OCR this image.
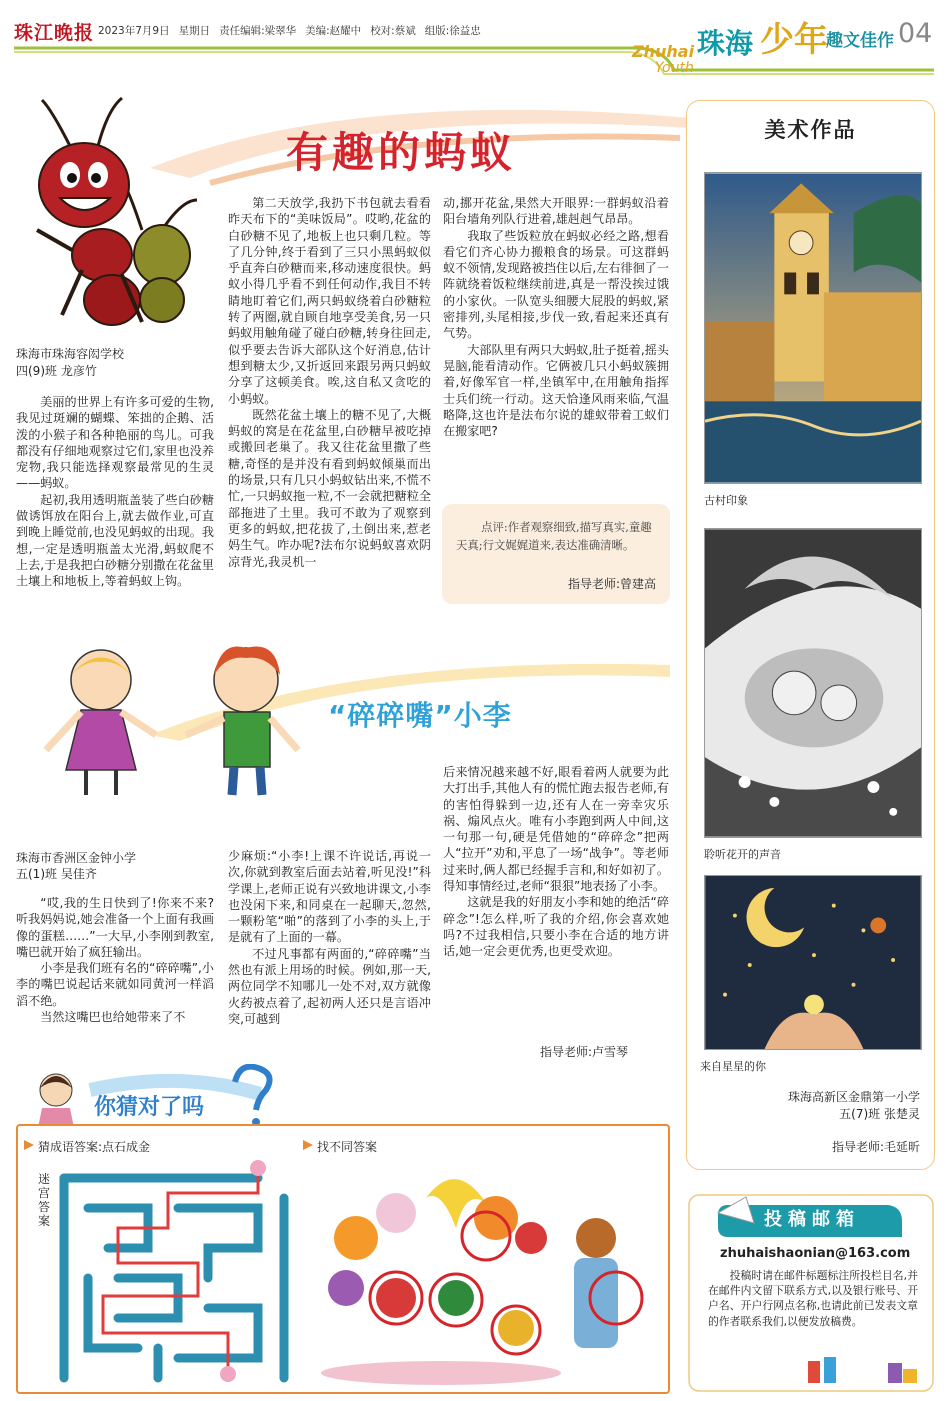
珠江晚报 2023年7月9日 星期日 责任编辑:梁翠华 美编:赵耀中 校对:蔡斌 组版:徐益忠
Zhuhai
Youth
珠海 少年
趣文佳作 04
有趣的蚂蚁
珠海市珠海容闳学校
四(9)班 龙彦竹

美丽的世界上有许多可爱的生物,我见过斑斓的蝴蝶、笨拙的企鹅、活泼的小猴子和各种艳丽的鸟儿。可我都没有仔细地观察过它们,家里也没养宠物,我只能选择观察最常见的生灵——蚂蚁。

起初,我用透明瓶盖装了些白砂糖做诱饵放在阳台上,就去做作业,可直到晚上睡觉前,也没见蚂蚁的出现。我想,一定是透明瓶盖太光滑,蚂蚁爬不上去,于是我把白砂糖分别撒在花盆里土壤上和地板上,等着蚂蚁上钩。

第二天放学,我扔下书包就去看看昨天布下的“美味饭局”。哎哟,花盆的白砂糖不见了,地板上也只剩几粒。等了几分钟,终于看到了三只小黑蚂蚁似乎直奔白砂糖而来,移动速度很快。蚂蚁小得几乎看不到任何动作,我目不转睛地盯着它们,两只蚂蚁绕着白砂糖粒转了两圈,就自顾自地享受美食,另一只蚂蚁用触角碰了碰白砂糖,转身往回走,似乎要去告诉大部队这个好消息,估计想到糖太少,又折返回来跟另两只蚂蚁分享了这顿美食。唉,这自私又贪吃的小蚂蚁。

既然花盆土壤上的糖不见了,大概蚂蚁的窝是在花盆里,白砂糖早被吃掉或搬回老巢了。我又往花盆里撒了些糖,奇怪的是并没有看到蚂蚁倾巢而出的场景,只有几只小蚂蚁钻出来,不慌不忙,一只蚂蚁拖一粒,不一会就把糖粒全部拖进了土里。我可不敢为了观察到更多的蚂蚁,把花拔了,土倒出来,惹老妈生气。咋办呢?法布尔说蚂蚁喜欢阴凉背光,我灵机一

动,挪开花盆,果然大开眼界:一群蚂蚁沿着阳台墙角列队行进着,雄赳赳气昂昂。

我取了些饭粒放在蚂蚁必经之路,想看看它们齐心协力搬粮食的场景。可这群蚂蚁不领情,发现路被挡住以后,左右徘徊了一阵就绕着饭粒继续前进,真是一帮没挨过饿的小家伙。一队宽头细腰大屁股的蚂蚁,紧密排列,头尾相接,步伐一致,看起来还真有气势。

大部队里有两只大蚂蚁,肚子挺着,摇头晃脑,能看清动作。它俩被几只小蚂蚁簇拥着,好像军官一样,坐镇军中,在用触角指挥士兵们统一行动。这天恰逢风雨来临,气温略降,这也许是法布尔说的雄蚁带着工蚁们在搬家吧?

点评:作者观察细致,描写真实,童趣天真;行文娓娓道来,表达准确清晰。
指导老师:曾建高
“碎碎嘴”小李
珠海市香洲区金钟小学
五(1)班 吴佳齐

“哎,我的生日快到了!你来不来?听我妈妈说,她会准备一个上面有我画像的蛋糕……”一大早,小李刚到教室,嘴巴就开始了疯狂输出。

小李是我们班有名的“碎碎嘴”,小李的嘴巴说起话来就如同黄河一样滔滔不绝。

当然这嘴巴也给她带来了不

少麻烦:“小李!上课不许说话,再说一次,你就到教室后面去站着,听见没!”科学课上,老师正说有兴致地讲课文,小李也没闲下来,和同桌在一起聊天,忽然,一颗粉笔“啪”的落到了小李的头上,于是就有了上面的一幕。

不过凡事都有两面的,“碎碎嘴”当然也有派上用场的时候。例如,那一天,两位同学不知哪儿一处不对,双方就像火药被点着了,起初两人还只是言语冲突,可越到

后来情况越来越不好,眼看着两人就要为此大打出手,其他人有的慌忙跑去报告老师,有的害怕得躲到一边,还有人在一旁幸灾乐祸、煽风点火。唯有小李跑到两人中间,这一句那一句,硬是凭借她的“碎碎念”把两人“拉开”劝和,平息了一场“战争”。等老师过来时,俩人都已经握手言和,和好如初了。得知事情经过,老师“狠狠”地表扬了小李。

这就是我的好朋友小李和她的绝活“碎碎念”!怎么样,听了我的介绍,你会喜欢她吗?不过我相信,只要小李在合适的地方讲话,她一定会更优秀,也更受欢迎。

指导老师:卢雪琴
美术作品
古村印象
聆听花开的声音
来自星星的你
珠海高新区金鼎第一小学
五(7)班 张楚灵
指导老师:毛延昕
你猜对了吗
猜成语答案:点石成金
迷宫答案
找不同答案
投稿邮箱
zhuhaishaonian@163.com
投稿时请在邮件标题标注所投栏目名,并在邮件内文留下联系方式,以及银行账号、开户名、开户行网点名称,也请此前已发表文章的作者联系我们,以便发放稿费。
